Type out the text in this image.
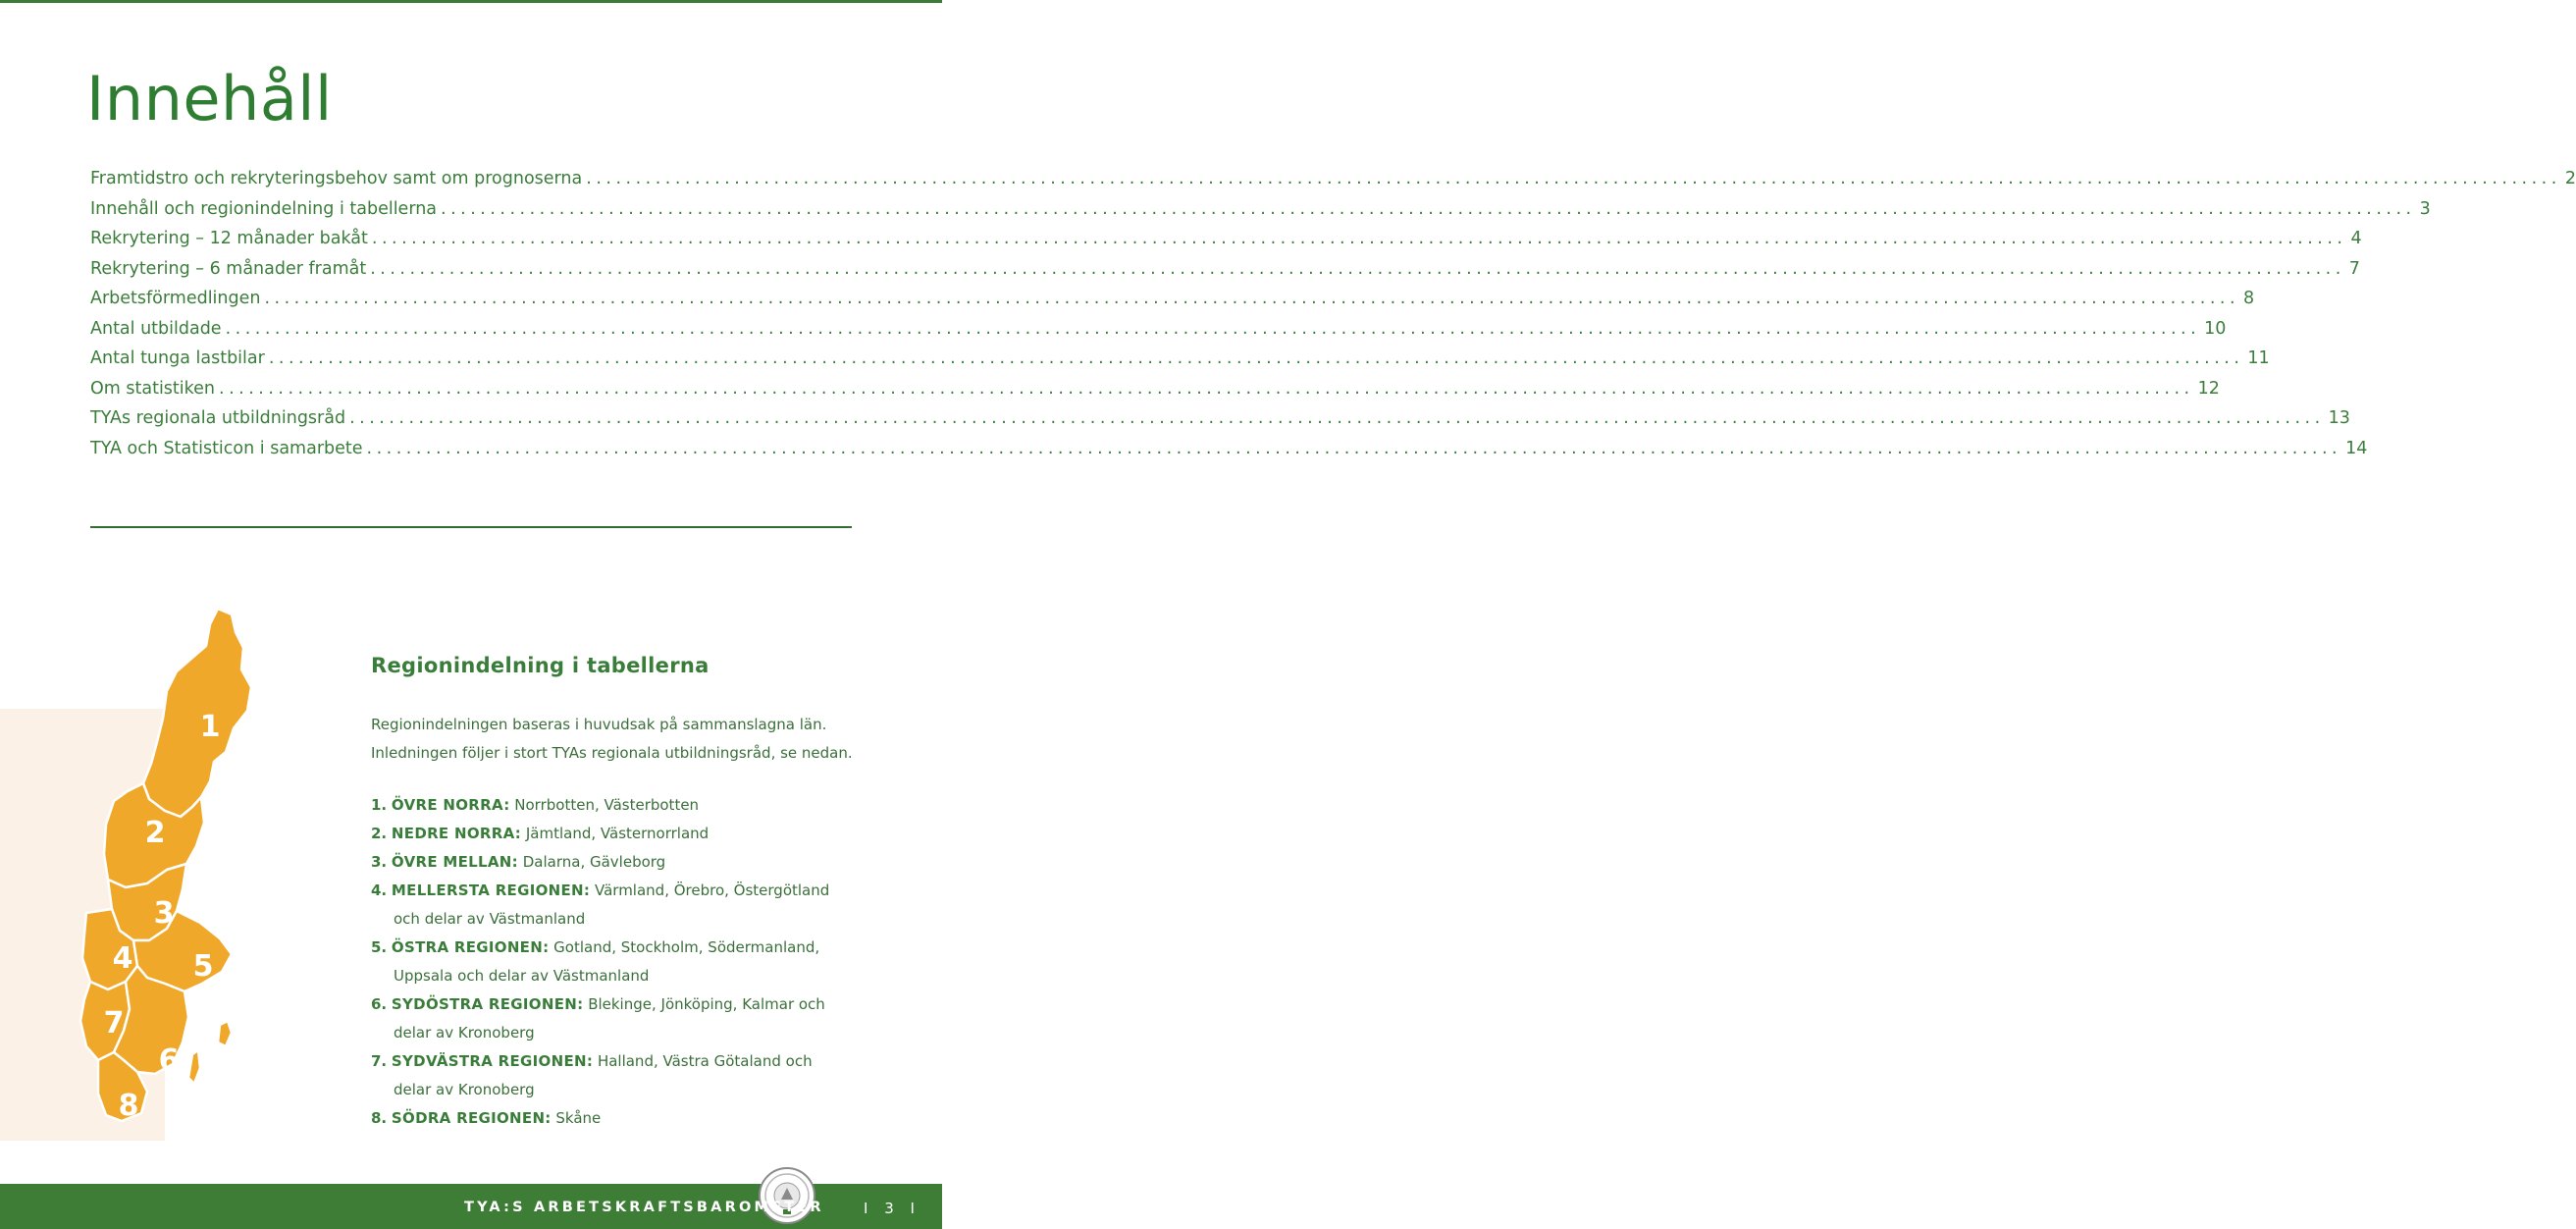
Innehåll
Framtidstro och rekryteringsbehov samt om prognoserna ........................................................................................................................................................................................................ 2
Innehåll och regionindelning i tabellerna ........................................................................................................................................................................................................ 3
Rekrytering – 12 månader bakåt ........................................................................................................................................................................................................ 4
Rekrytering – 6 månader framåt ........................................................................................................................................................................................................ 7
Arbetsförmedlingen ........................................................................................................................................................................................................ 8
Antal utbildade ........................................................................................................................................................................................................ 10
Antal tunga lastbilar ........................................................................................................................................................................................................ 11
Om statistiken ........................................................................................................................................................................................................ 12
TYAs regionala utbildningsråd ........................................................................................................................................................................................................ 13
TYA och Statisticon i samarbete ........................................................................................................................................................................................................ 14
1
2
3
4 5
6
7
8
Regionindelning i tabellerna
Regionindelningen baseras i huvudsak på sammanslagna län.
Inledningen följer i stort TYAs regionala utbildningsråd, se nedan.
1. ÖVRE NORRA: Norrbotten, Västerbotten
2. NEDRE NORRA: Jämtland, Västernorrland
3. ÖVRE MELLAN: Dalarna, Gävleborg
4. MELLERSTA REGIONEN: Värmland, Örebro, Östergötland
och delar av Västmanland
5. ÖSTRA REGIONEN: Gotland, Stockholm, Södermanland,
Uppsala och delar av Västmanland
6. SYDÖSTRA REGIONEN: Blekinge, Jönköping, Kalmar och
delar av Kronoberg
7. SYDVÄSTRA REGIONEN: Halland, Västra Götaland och
delar av Kronoberg
8. SÖDRA REGIONEN: Skåne
TYA:S ARBETSKRAFTSBAROMETER	I 3 I
